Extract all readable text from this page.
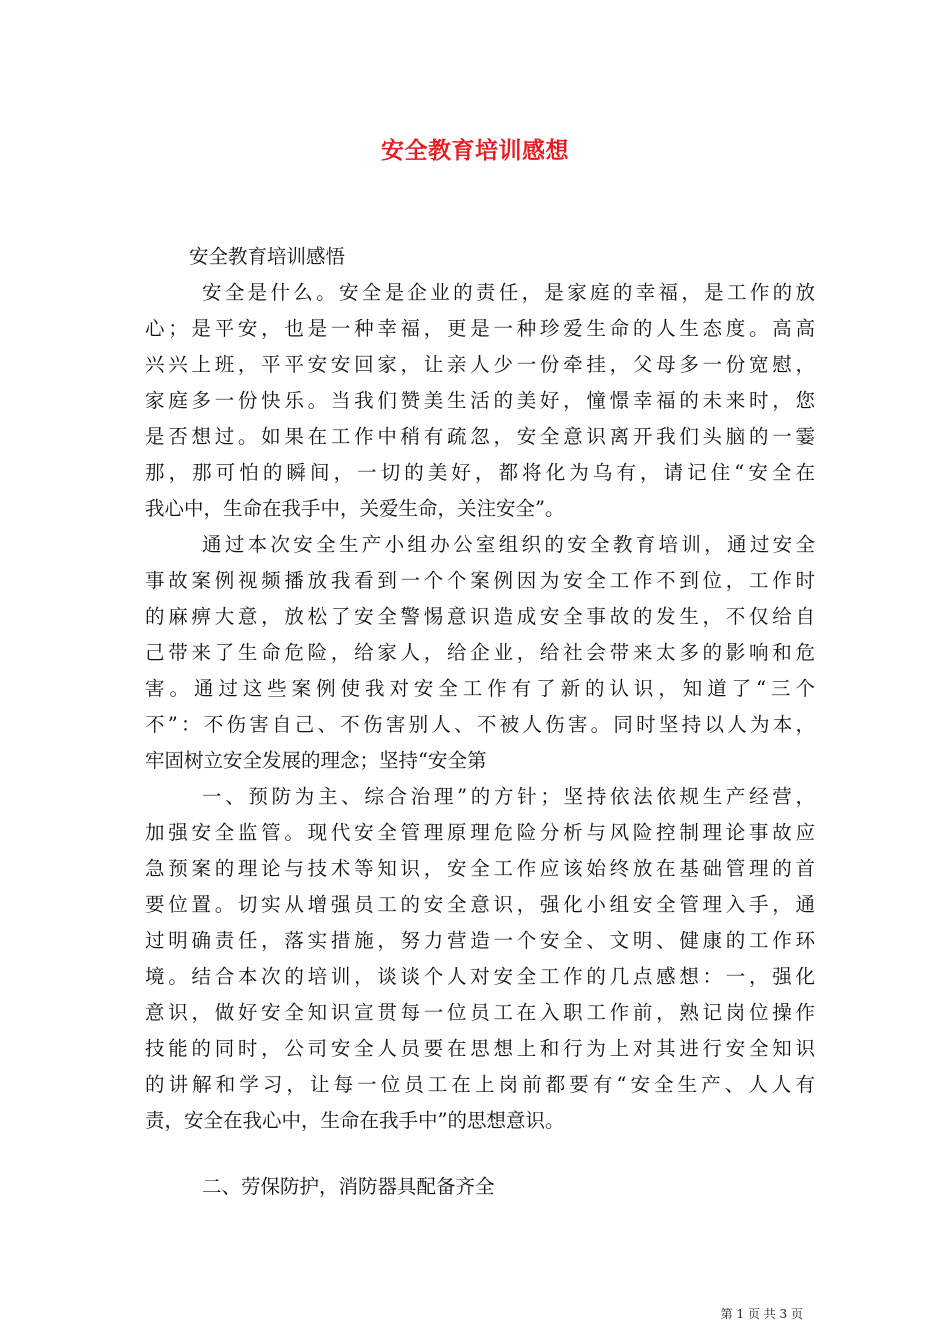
安全教育培训感想
安全教育培训感悟
安全是什么。安全是企业的责任，是家庭的幸福，是工作的放
心；是平安，也是一种幸福，更是一种珍爱生命的人生态度。高高
兴兴上班，平平安安回家，让亲人少一份牵挂，父母多一份宽慰，
家庭多一份快乐。当我们赞美生活的美好，憧憬幸福的未来时，您
是否想过。如果在工作中稍有疏忽，安全意识离开我们头脑的一霎
那，那可怕的瞬间，一切的美好，都将化为乌有，请记住“安全在
我心中，生命在我手中，关爱生命，关注安全”。
通过本次安全生产小组办公室组织的安全教育培训，通过安全
事故案例视频播放我看到一个个案例因为安全工作不到位，工作时
的麻痹大意，放松了安全警惕意识造成安全事故的发生，不仅给自
己带来了生命危险，给家人，给企业，给社会带来太多的影响和危
害。通过这些案例使我对安全工作有了新的认识，知道了“三个
不”：不伤害自己、不伤害别人、不被人伤害。同时坚持以人为本，
牢固树立安全发展的理念；坚持“安全第
一、预防为主、综合治理”的方针；坚持依法依规生产经营，
加强安全监管。现代安全管理原理危险分析与风险控制理论事故应
急预案的理论与技术等知识，安全工作应该始终放在基础管理的首
要位置。切实从增强员工的安全意识，强化小组安全管理入手，通
过明确责任，落实措施，努力营造一个安全、文明、健康的工作环
境。结合本次的培训，谈谈个人对安全工作的几点感想：一，强化
意识，做好安全知识宣贯每一位员工在入职工作前，熟记岗位操作
技能的同时，公司安全人员要在思想上和行为上对其进行安全知识
的讲解和学习，让每一位员工在上岗前都要有“安全生产、人人有
责，安全在我心中，生命在我手中”的思想意识。
二、劳保防护，消防器具配备齐全
第 1 页 共 3 页
